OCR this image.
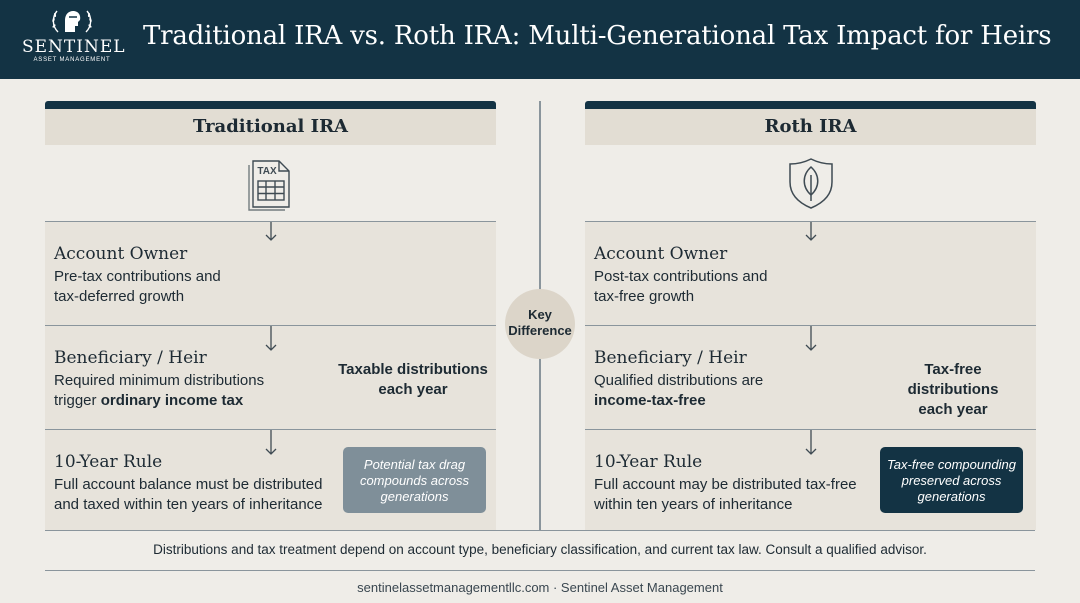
SENTINEL
ASSET MANAGEMENT
Traditional IRA vs. Roth IRA: Multi-Generational Tax Impact for Heirs
Traditional IRA
TAX
Account Owner
Pre-tax contributions and
tax-deferred growth
Beneficiary / Heir
Required minimum distributions
trigger ordinary income tax
Taxable distributions
each year
10-Year Rule
Full account balance must be distributed
and taxed within ten years of inheritance
Potential tax drag
compounds across
generations
Key
Difference
Roth IRA
Account Owner
Post-tax contributions and
tax-free growth
Beneficiary / Heir
Qualified distributions are
income-tax-free
Tax-free distributions
each year
10-Year Rule
Full account may be distributed tax-free
within ten years of inheritance
Tax-free compounding
preserved across
generations
Distributions and tax treatment depend on account type, beneficiary classification, and current tax law. Consult a qualified advisor.
sentinelassetmanagementllc.com · Sentinel Asset Management
